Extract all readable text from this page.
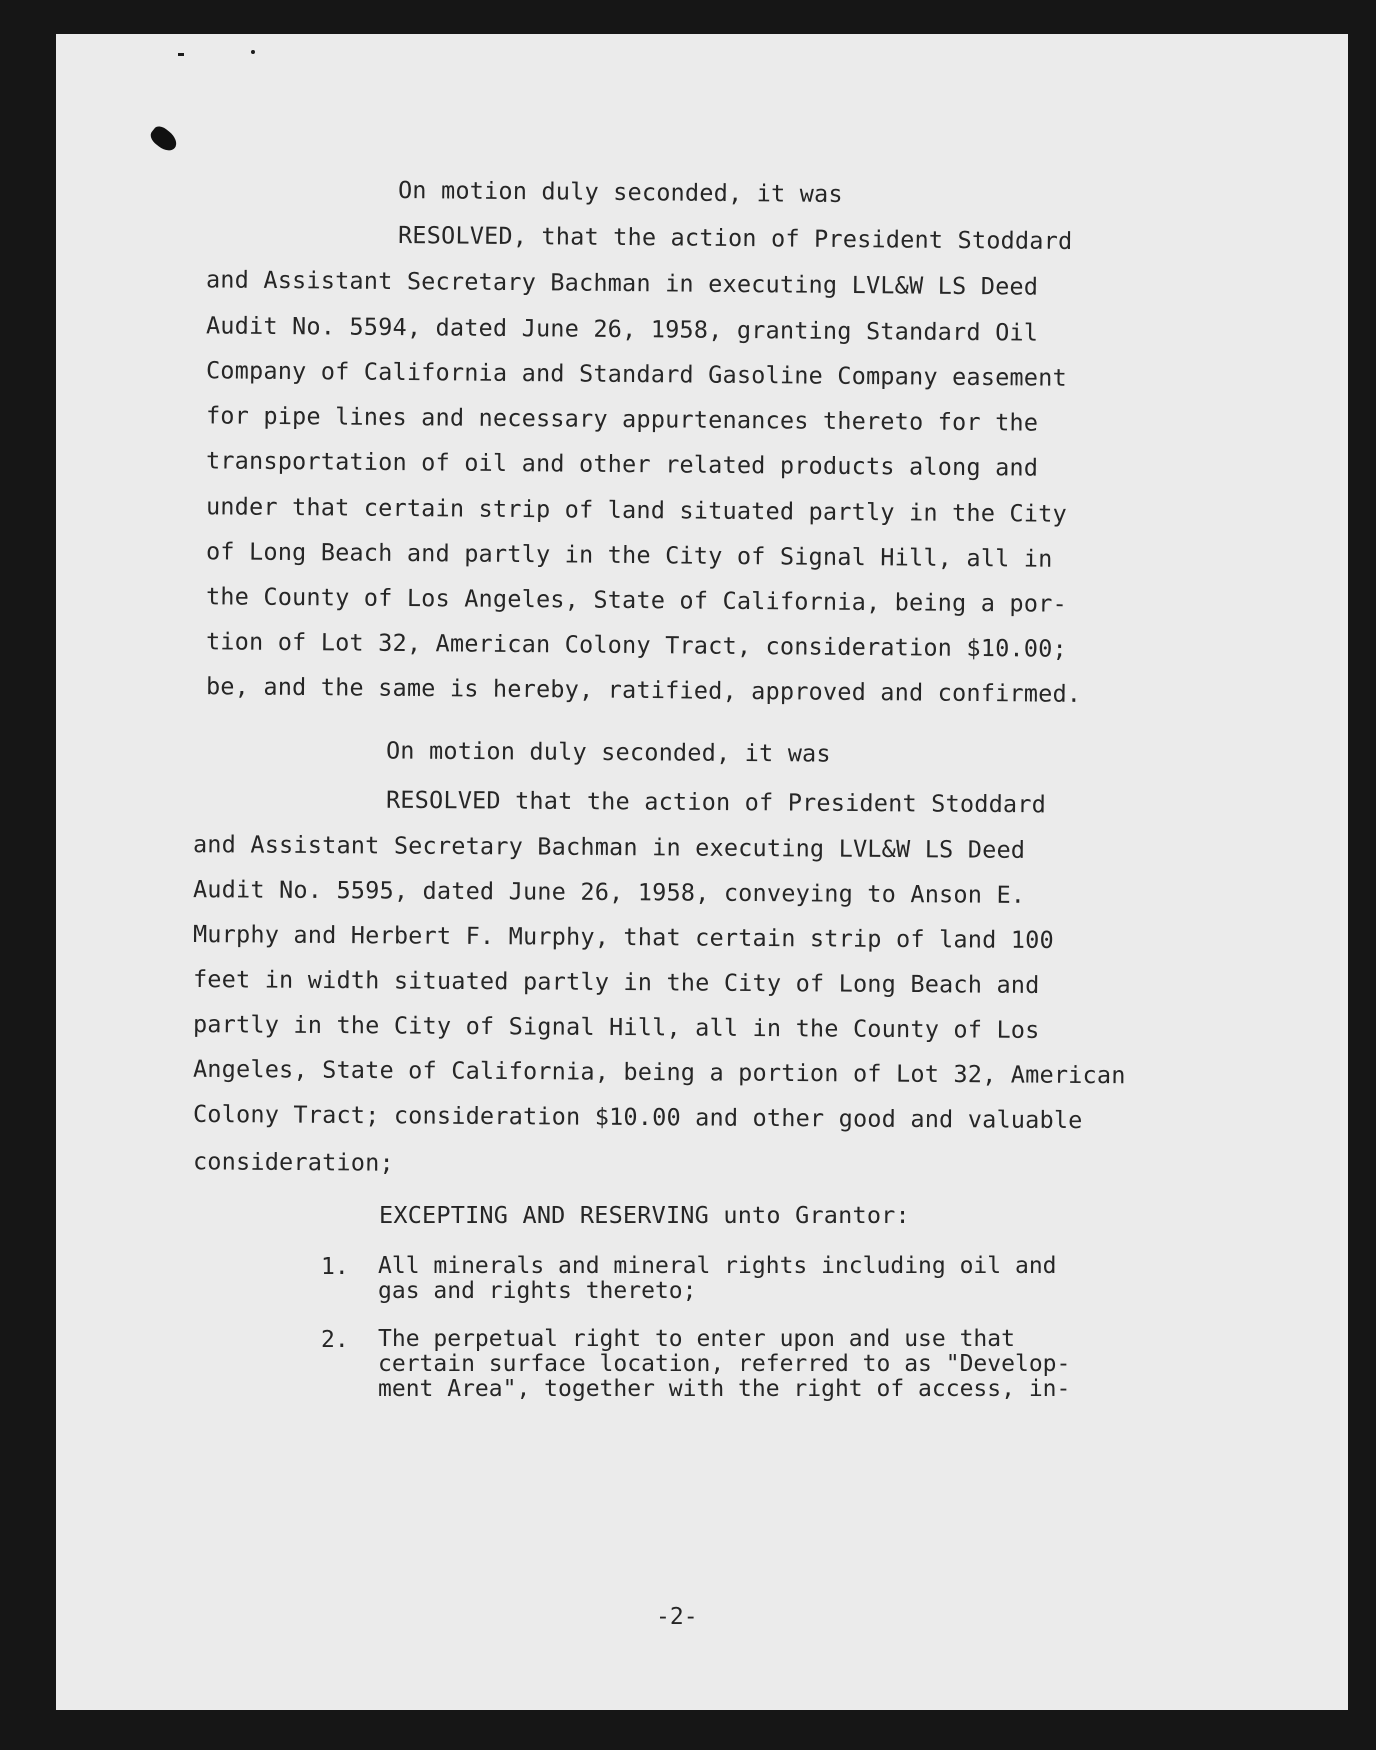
On motion duly seconded, it was

RESOLVED, that the action of President Stoddard

and Assistant Secretary Bachman in executing LVL&W LS Deed

Audit No. 5594, dated June 26, 1958, granting Standard Oil

Company of California and Standard Gasoline Company easement

for pipe lines and necessary appurtenances thereto for the

transportation of oil and other related products along and

under that certain strip of land situated partly in the City

of Long Beach and partly in the City of Signal Hill, all in

the County of Los Angeles, State of California, being a por-

tion of Lot 32, American Colony Tract, consideration $10.00;

be, and the same is hereby, ratified, approved and confirmed.

On motion duly seconded, it was

RESOLVED that the action of President Stoddard

and Assistant Secretary Bachman in executing LVL&W LS Deed

Audit No. 5595, dated June 26, 1958, conveying to Anson E.

Murphy and Herbert F. Murphy, that certain strip of land 100

feet in width situated partly in the City of Long Beach and

partly in the City of Signal Hill, all in the County of Los

Angeles, State of California, being a portion of Lot 32, American

Colony Tract; consideration $10.00 and other good and valuable

consideration;

EXCEPTING AND RESERVING unto Grantor:

1. All minerals and mineral rights including oil and
gas and rights thereto;

2. The perpetual right to enter upon and use that
certain surface location, referred to as "Develop-
ment Area", together with the right of access, in-

-2-
